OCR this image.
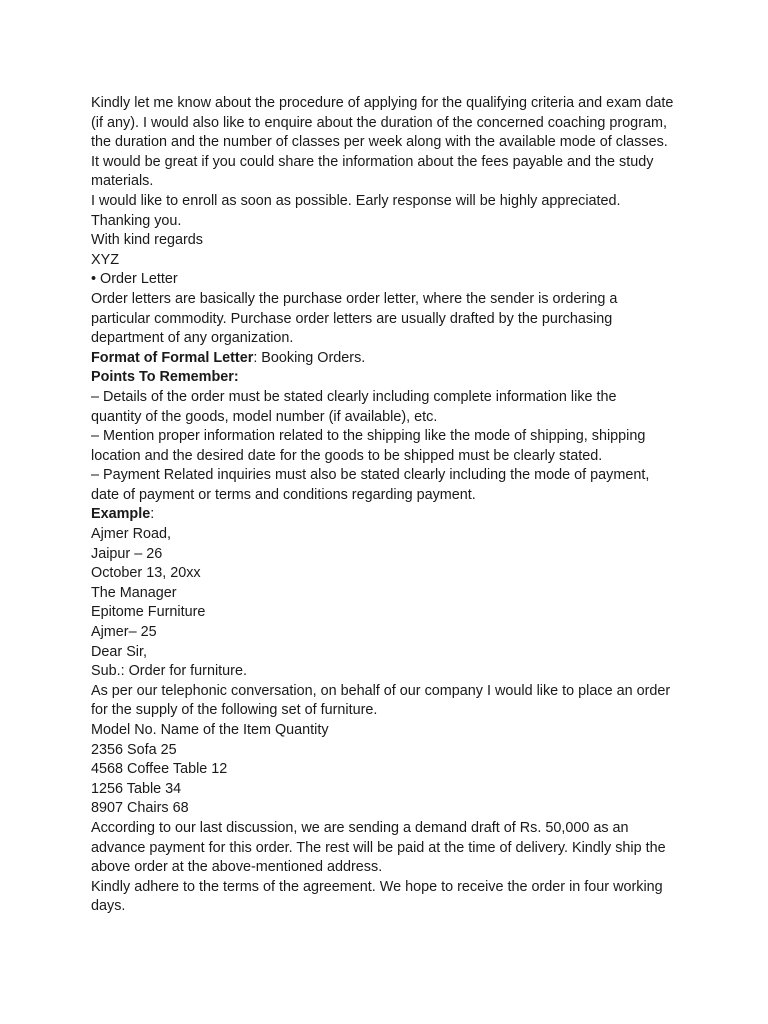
Kindly let me know about the procedure of applying for the qualifying criteria and exam date
(if any). I would also like to enquire about the duration of the concerned coaching program,
the duration and the number of classes per week along with the available mode of classes.
It would be great if you could share the information about the fees payable and the study
materials.
I would like to enroll as soon as possible. Early response will be highly appreciated.
Thanking you.
With kind regards
XYZ
• Order Letter
Order letters are basically the purchase order letter, where the sender is ordering a
particular commodity. Purchase order letters are usually drafted by the purchasing
department of any organization.
Format of Formal Letter: Booking Orders.
Points To Remember:
– Details of the order must be stated clearly including complete information like the
quantity of the goods, model number (if available), etc.
– Mention proper information related to the shipping like the mode of shipping, shipping
location and the desired date for the goods to be shipped must be clearly stated.
– Payment Related inquiries must also be stated clearly including the mode of payment,
date of payment or terms and conditions regarding payment.
Example:
Ajmer Road,
Jaipur – 26
October 13, 20xx
The Manager
Epitome Furniture
Ajmer– 25
Dear Sir,
Sub.: Order for furniture.
As per our telephonic conversation, on behalf of our company I would like to place an order
for the supply of the following set of furniture.
Model No. Name of the Item Quantity
2356 Sofa 25
4568 Coffee Table 12
1256 Table 34
8907 Chairs 68
According to our last discussion, we are sending a demand draft of Rs. 50,000 as an
advance payment for this order. The rest will be paid at the time of delivery. Kindly ship the
above order at the above-mentioned address.
Kindly adhere to the terms of the agreement. We hope to receive the order in four working
days.
